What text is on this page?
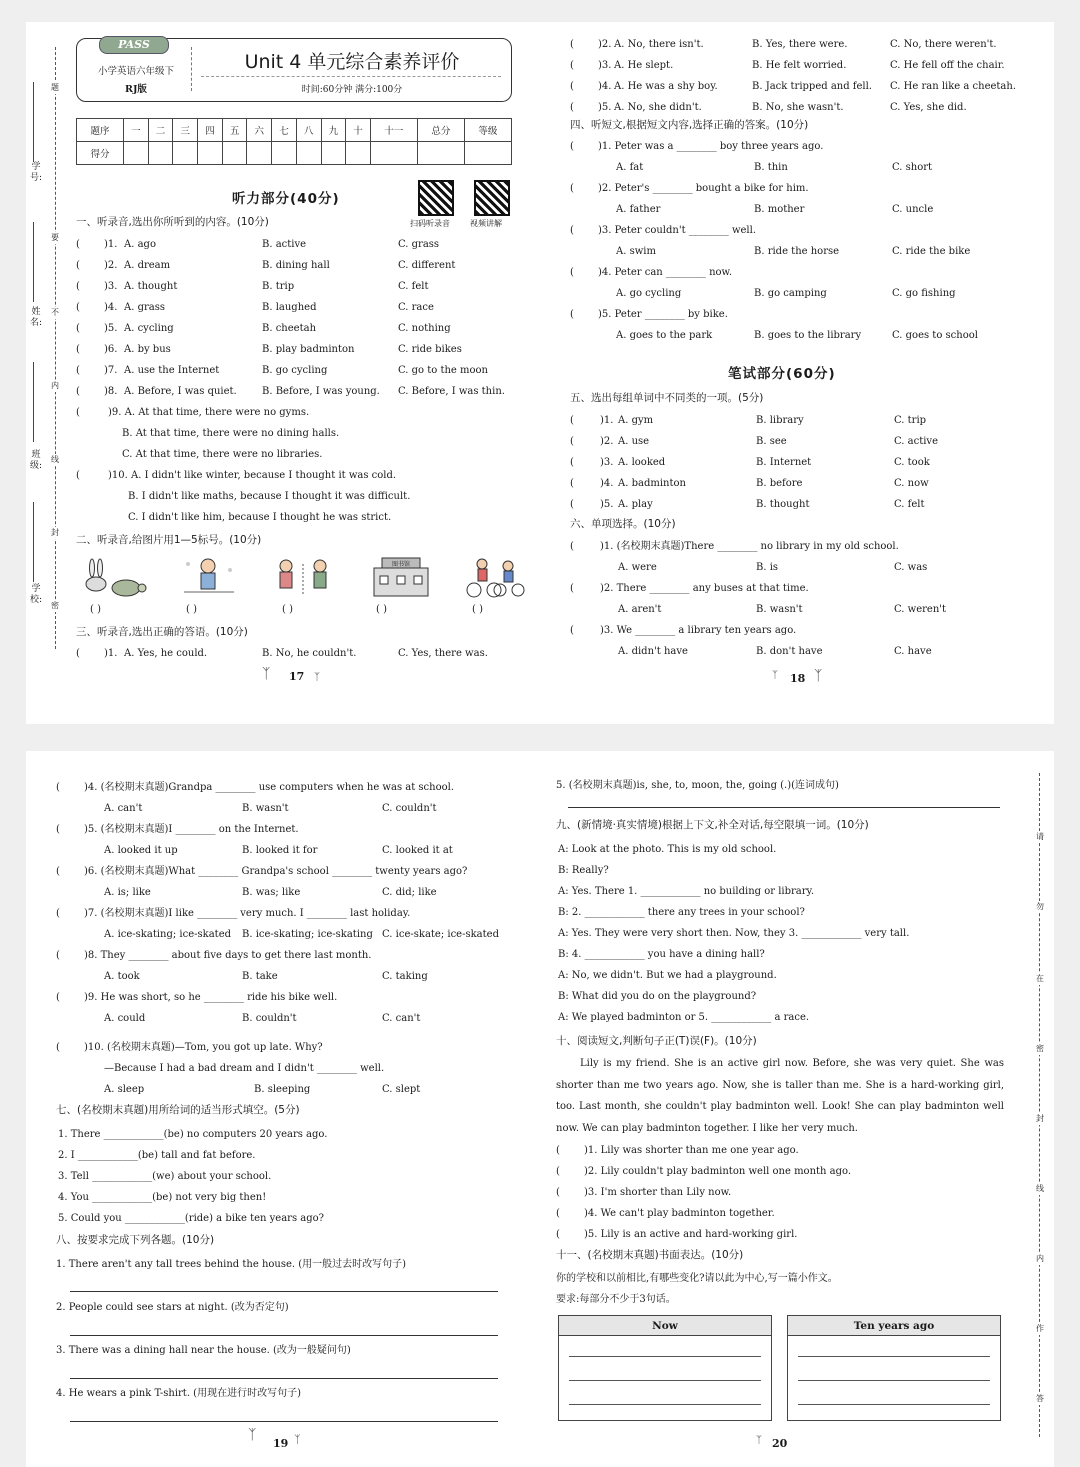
题
要
不
内
线
封
密
学号:
姓名:
班级:
学校:
PASS
小学英语六年级下
RJ版
Unit 4 单元综合素养评价
时间:60分钟 满分:100分
题序	一	二	三	四	五	六	七	八	九	十	十一	总分	等级
得分													
听力部分(40分)
扫码听录音	视频讲解
一、听录音,选出你所听到的内容。(10分)
( )1. A. ago	B. active	C. grass
( )2. A. dream	B. dining hall	C. different
( )3. A. thought	B. trip	C. felt
( )4. A. grass	B. laughed	C. race
( )5. A. cycling	B. cheetah	C. nothing
( )6. A. by bus	B. play badminton	C. ride bikes
( )7. A. use the Internet	B. go cycling	C. go to the moon
( )8. A. Before, I was quiet.	B. Before, I was young. C. Before, I was thin.
(	)9. A. At that time, there were no gyms.
B. At that time, there were no dining halls.
C. At that time, there were no libraries.
(	)10. A. I didn't like winter, because I thought it was cold.
B. I didn't like maths, because I thought it was difficult.
C. I didn't like him, because I thought he was strict.
二、听录音,给图片用1—5标号。(10分)
图书馆
( )	( )	( )	( )	( )
三、听录音,选出正确的答语。(10分)
( )1. A. Yes, he could.	B. No, he couldn't.	C. Yes, there was.
ᛉ 17 ᛉ
( )2. A. No, there isn't.	B. Yes, there were.	C. No, there weren't.
( )3. A. He slept.	B. He felt worried.	C. He fell off the chair.
( )4. A. He was a shy boy.	B. Jack tripped and fell. C. He ran like a cheetah.
( )5. A. No, she didn't.	B. No, she wasn't.	C. Yes, she did.
四、听短文,根据短文内容,选择正确的答案。(10分)
( )1. Peter was a ________ boy three years ago.
A. fat	B. thin	C. short
( )2. Peter's ________ bought a bike for him.
A. father	B. mother	C. uncle
( )3. Peter couldn't ________ well.
A. swim	B. ride the horse	C. ride the bike
( )4. Peter can ________ now.
A. go cycling	B. go camping	C. go fishing
( )5. Peter ________ by bike.
A. goes to the park	B. goes to the library	C. goes to school
笔试部分(60分)
五、选出每组单词中不同类的一项。(5分)
(	)1. A. gym	B. library	C. trip
(	)2. A. use	B. see	C. active
(	)3. A. looked	B. Internet	C. took
(	)4. A. badminton	B. before	C. now
(	)5. A. play	B. thought	C. felt
六、单项选择。(10分)
(	)1. (名校期末真题)There ________ no library in my old school.
A. were	B. is	C. was
(	)2. There ________ any buses at that time.
A. aren't	B. wasn't	C. weren't
(	)3. We ________ a library ten years ago.
A. didn't have	B. don't have	C. have
ᛉ 18 ᛉ
( )4. (名校期末真题)Grandpa ________ use computers when he was at school.
A. can't	B. wasn't	C. couldn't
( )5. (名校期末真题)I ________ on the Internet.
A. looked it up	B. looked it for	C. looked it at
( )6. (名校期末真题)What ________ Grandpa's school ________ twenty years ago?
A. is; like	B. was; like	C. did; like
( )7. (名校期末真题)I like ________ very much. I ________ last holiday.
A. ice-skating; ice-skated B. ice-skating; ice-skating C. ice-skate; ice-skated
( )8. They ________ about five days to get there last month.
A. took	B. take	C. taking
( )9. He was short, so he ________ ride his bike well.
A. could	B. couldn't	C. can't
( )10. (名校期末真题)—Tom, you got up late. Why?
—Because I had a bad dream and I didn't ________ well.
A. sleep	B. sleeping	C. slept
七、(名校期末真题)用所给词的适当形式填空。(5分)
1. There ____________(be) no computers 20 years ago.
2. I ____________(be) tall and fat before.
3. Tell ____________(we) about your school.
4. You ____________(be) not very big then!
5. Could you ____________(ride) a bike ten years ago?
八、按要求完成下列各题。(10分)
1. There aren't any tall trees behind the house. (用一般过去时改写句子)
2. People could see stars at night. (改为否定句)
3. There was a dining hall near the house. (改为一般疑问句)
4. He wears a pink T-shirt. (用现在进行时改写句子)
ᛉ
19 ᛉ
5. (名校期末真题)is, she, to, moon, the, going (.)(连词成句)
九、(新情境·真实情境)根据上下文,补全对话,每空限填一词。(10分)
A: Look at the photo. This is my old school.
B: Really?
A: Yes. There 1. ____________ no building or library.
B: 2. ____________ there any trees in your school?
A: Yes. They were very short then. Now, they 3. ____________ very tall.
B: 4. ____________ you have a dining hall?
A: No, we didn't. But we had a playground.
B: What did you do on the playground?
A: We played badminton or 5. ____________ a race.
十、阅读短文,判断句子正(T)误(F)。(10分)
Lily is my friend. She is an active girl now. Before, she was very quiet. She was shorter than me two years ago. Now, she is taller than me. She is a hard-working girl, too. Last month, she couldn't play badminton well. Look! She can play badminton well now. We can play badminton together. I like her very much.
( )1. Lily was shorter than me one year ago.
( )2. Lily couldn't play badminton well one month ago.
( )3. I'm shorter than Lily now.
( )4. We can't play badminton together.
( )5. Lily is an active and hard-working girl.
十一、(名校期末真题)书面表达。(10分)
你的学校和以前相比,有哪些变化?请以此为中心,写一篇小作文。
要求:每部分不少于3句话。
Now	Ten years ago
ᛉ 20
请
勿
在
密
封
线
内
作
答
